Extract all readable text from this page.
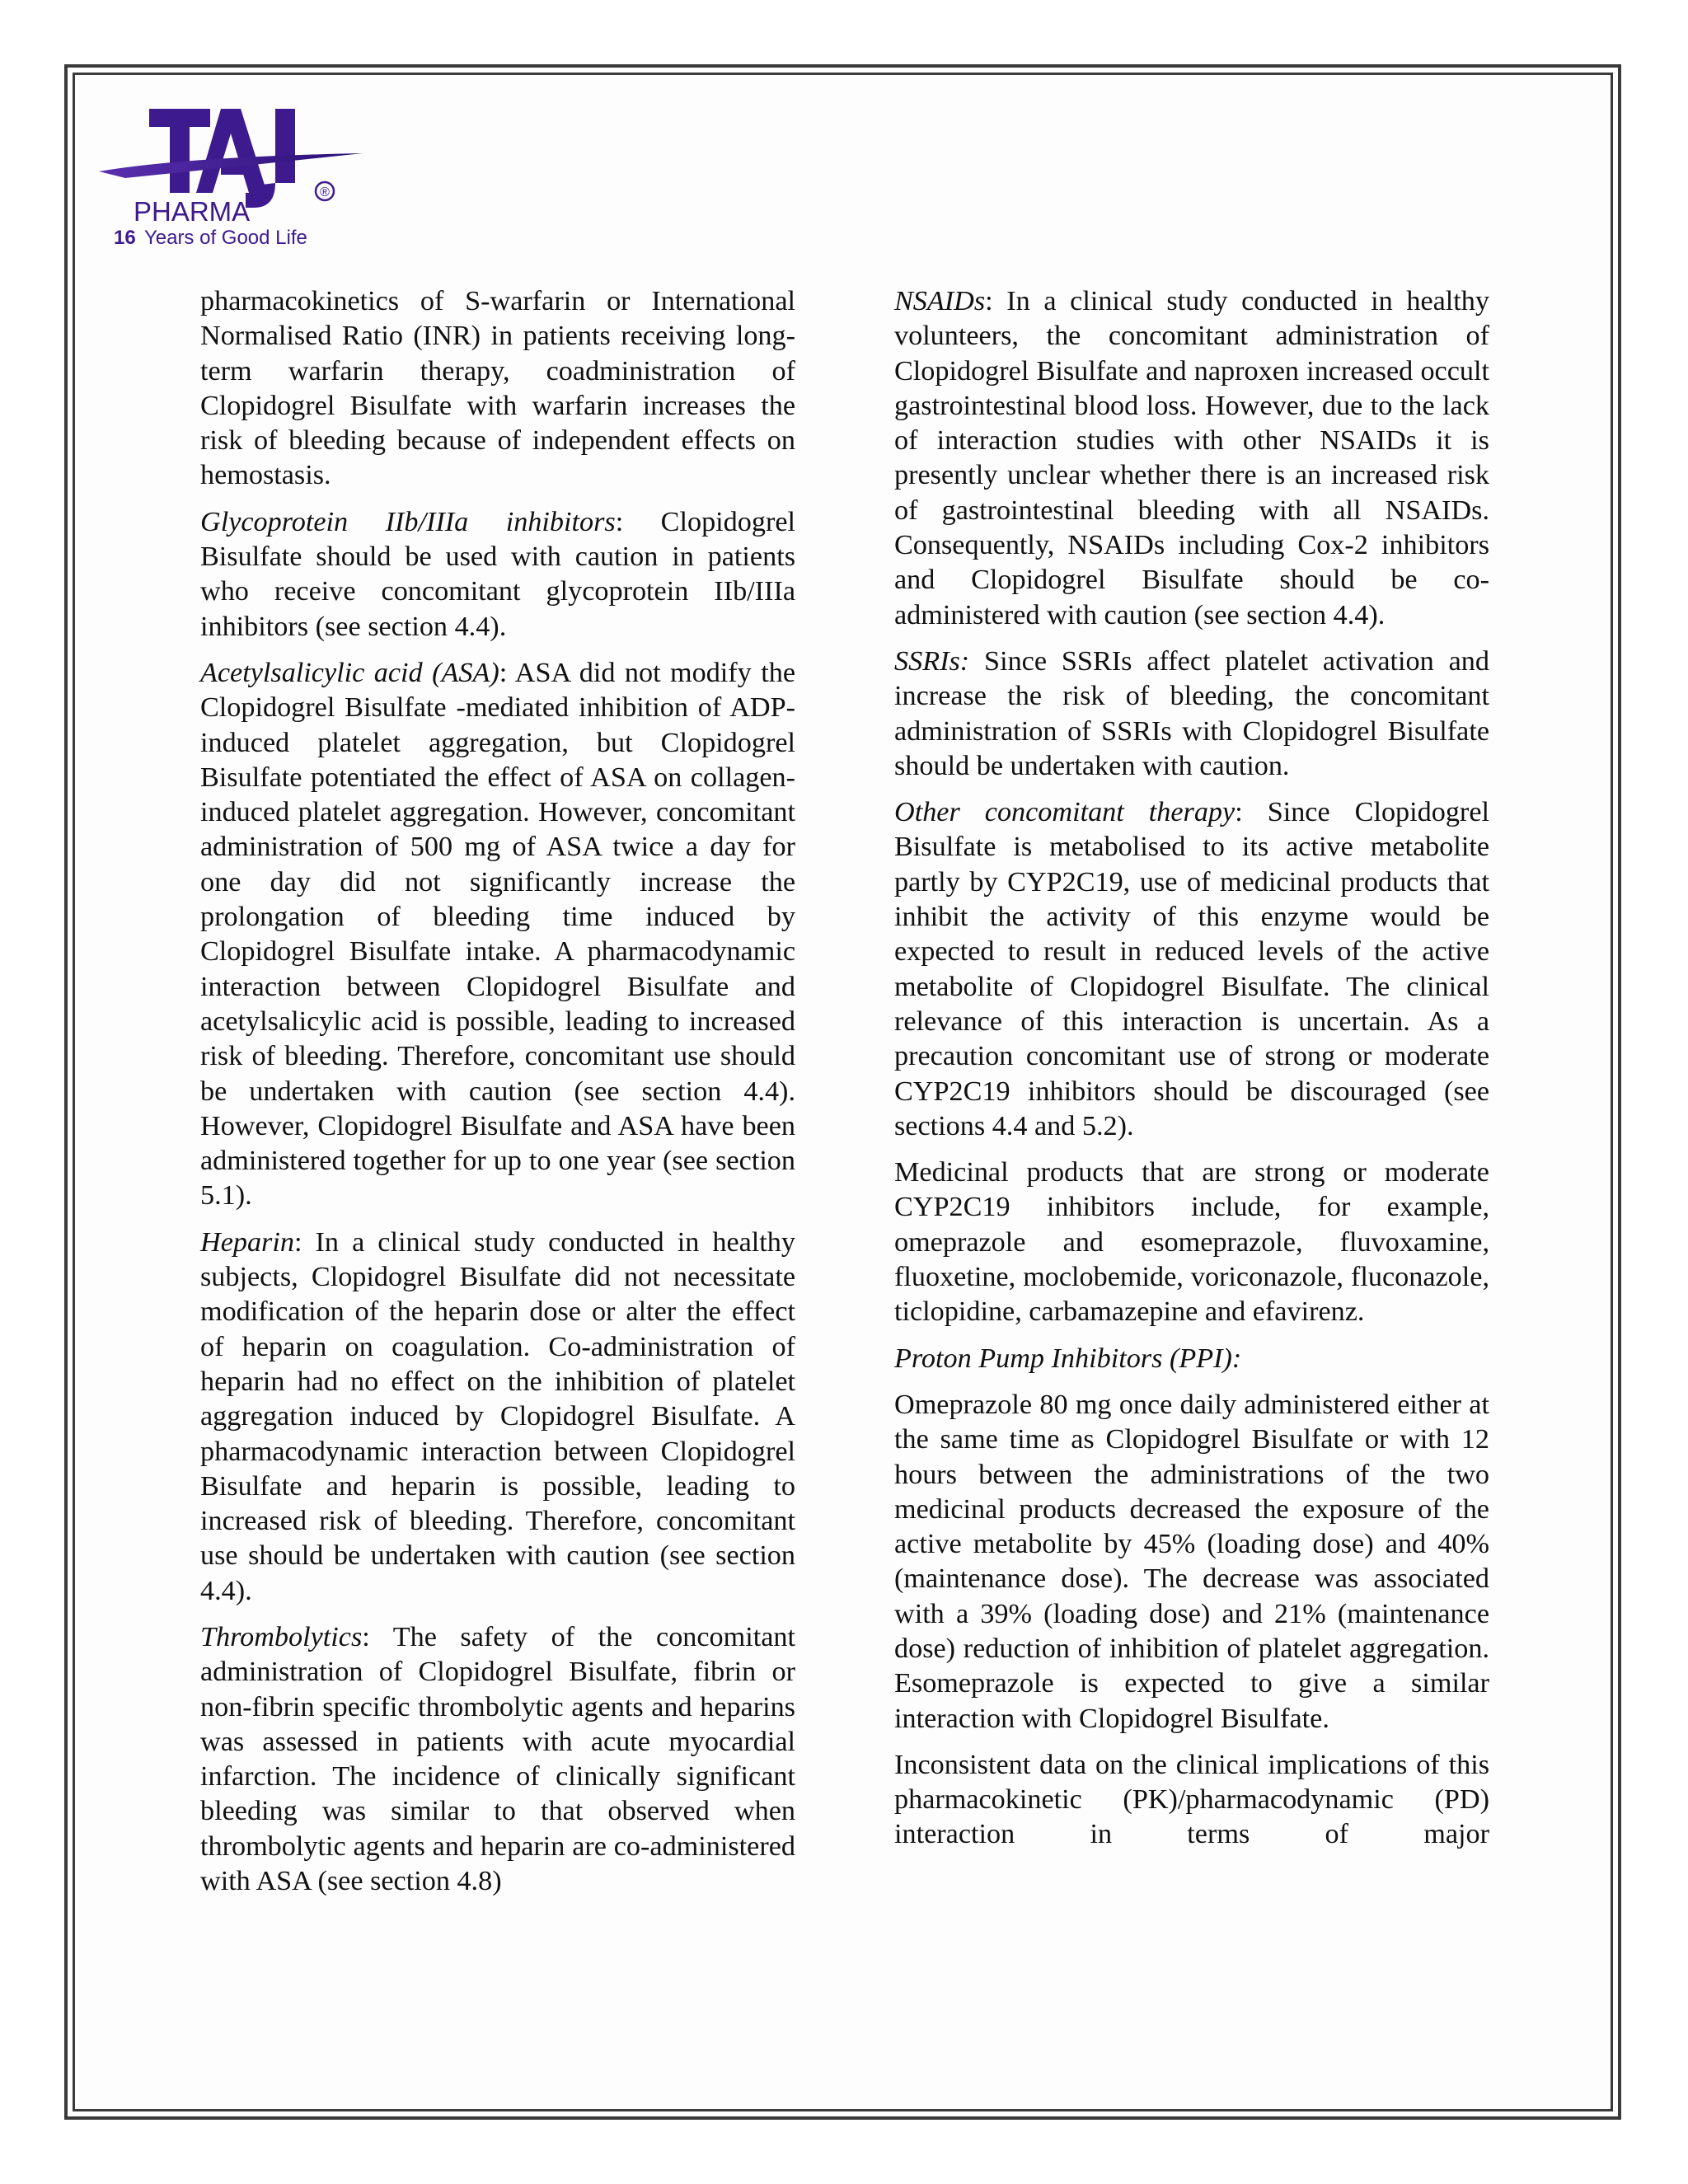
®
PHARMA
16 Years of Good Life

pharmacokinetics of S-warfarin or International Normalised Ratio (INR) in patients receiving long-term warfarin therapy, coadministration of Clopidogrel Bisulfate with warfarin increases the risk of bleeding because of independent effects on hemostasis.

Glycoprotein IIb/IIIa inhibitors: Clopidogrel Bisulfate should be used with caution in patients who receive concomitant glycoprotein IIb/IIIa inhibitors (see section 4.4).

Acetylsalicylic acid (ASA): ASA did not modify the Clopidogrel Bisulfate -mediated inhibition of ADP-induced platelet aggregation, but Clopidogrel Bisulfate potentiated the effect of ASA on collagen-induced platelet aggregation. However, concomitant administration of 500 mg of ASA twice a day for one day did not significantly increase the prolongation of bleeding time induced by Clopidogrel Bisulfate intake. A pharmacodynamic interaction between Clopidogrel Bisulfate and acetylsalicylic acid is possible, leading to increased risk of bleeding. Therefore, concomitant use should be undertaken with caution (see section 4.4). However, Clopidogrel Bisulfate and ASA have been administered together for up to one year (see section 5.1).

Heparin: In a clinical study conducted in healthy subjects, Clopidogrel Bisulfate did not necessitate modification of the heparin dose or alter the effect of heparin on coagulation. Co-administration of heparin had no effect on the inhibition of platelet aggregation induced by Clopidogrel Bisulfate. A pharmacodynamic interaction between Clopidogrel Bisulfate and heparin is possible, leading to increased risk of bleeding. Therefore, concomitant use should be undertaken with caution (see section 4.4).

Thrombolytics: The safety of the concomitant administration of Clopidogrel Bisulfate, fibrin or non-fibrin specific thrombolytic agents and heparins was assessed in patients with acute myocardial infarction. The incidence of clinically significant bleeding was similar to that observed when thrombolytic agents and heparin are co-administered with ASA (see section 4.8)

NSAIDs: In a clinical study conducted in healthy volunteers, the concomitant administration of Clopidogrel Bisulfate and naproxen increased occult gastrointestinal blood loss. However, due to the lack of interaction studies with other NSAIDs it is presently unclear whether there is an increased risk of gastrointestinal bleeding with all NSAIDs. Consequently, NSAIDs including Cox-2 inhibitors and Clopidogrel Bisulfate should be co-administered with caution (see section 4.4).

SSRIs: Since SSRIs affect platelet activation and increase the risk of bleeding, the concomitant administration of SSRIs with Clopidogrel Bisulfate should be undertaken with caution.

Other concomitant therapy: Since Clopidogrel Bisulfate is metabolised to its active metabolite partly by CYP2C19, use of medicinal products that inhibit the activity of this enzyme would be expected to result in reduced levels of the active metabolite of Clopidogrel Bisulfate. The clinical relevance of this interaction is uncertain. As a precaution concomitant use of strong or moderate CYP2C19 inhibitors should be discouraged (see sections 4.4 and 5.2).

Medicinal products that are strong or moderate CYP2C19 inhibitors include, for example, omeprazole and esomeprazole, fluvoxamine, fluoxetine, moclobemide, voriconazole, fluconazole, ticlopidine, carbamazepine and efavirenz.

Proton Pump Inhibitors (PPI):

Omeprazole 80 mg once daily administered either at the same time as Clopidogrel Bisulfate or with 12 hours between the administrations of the two medicinal products decreased the exposure of the active metabolite by 45% (loading dose) and 40% (maintenance dose). The decrease was associated with a 39% (loading dose) and 21% (maintenance dose) reduction of inhibition of platelet aggregation. Esomeprazole is expected to give a similar interaction with Clopidogrel Bisulfate.

Inconsistent data on the clinical implications of this pharmacokinetic (PK)/pharmacodynamic (PD) interaction in terms of major
